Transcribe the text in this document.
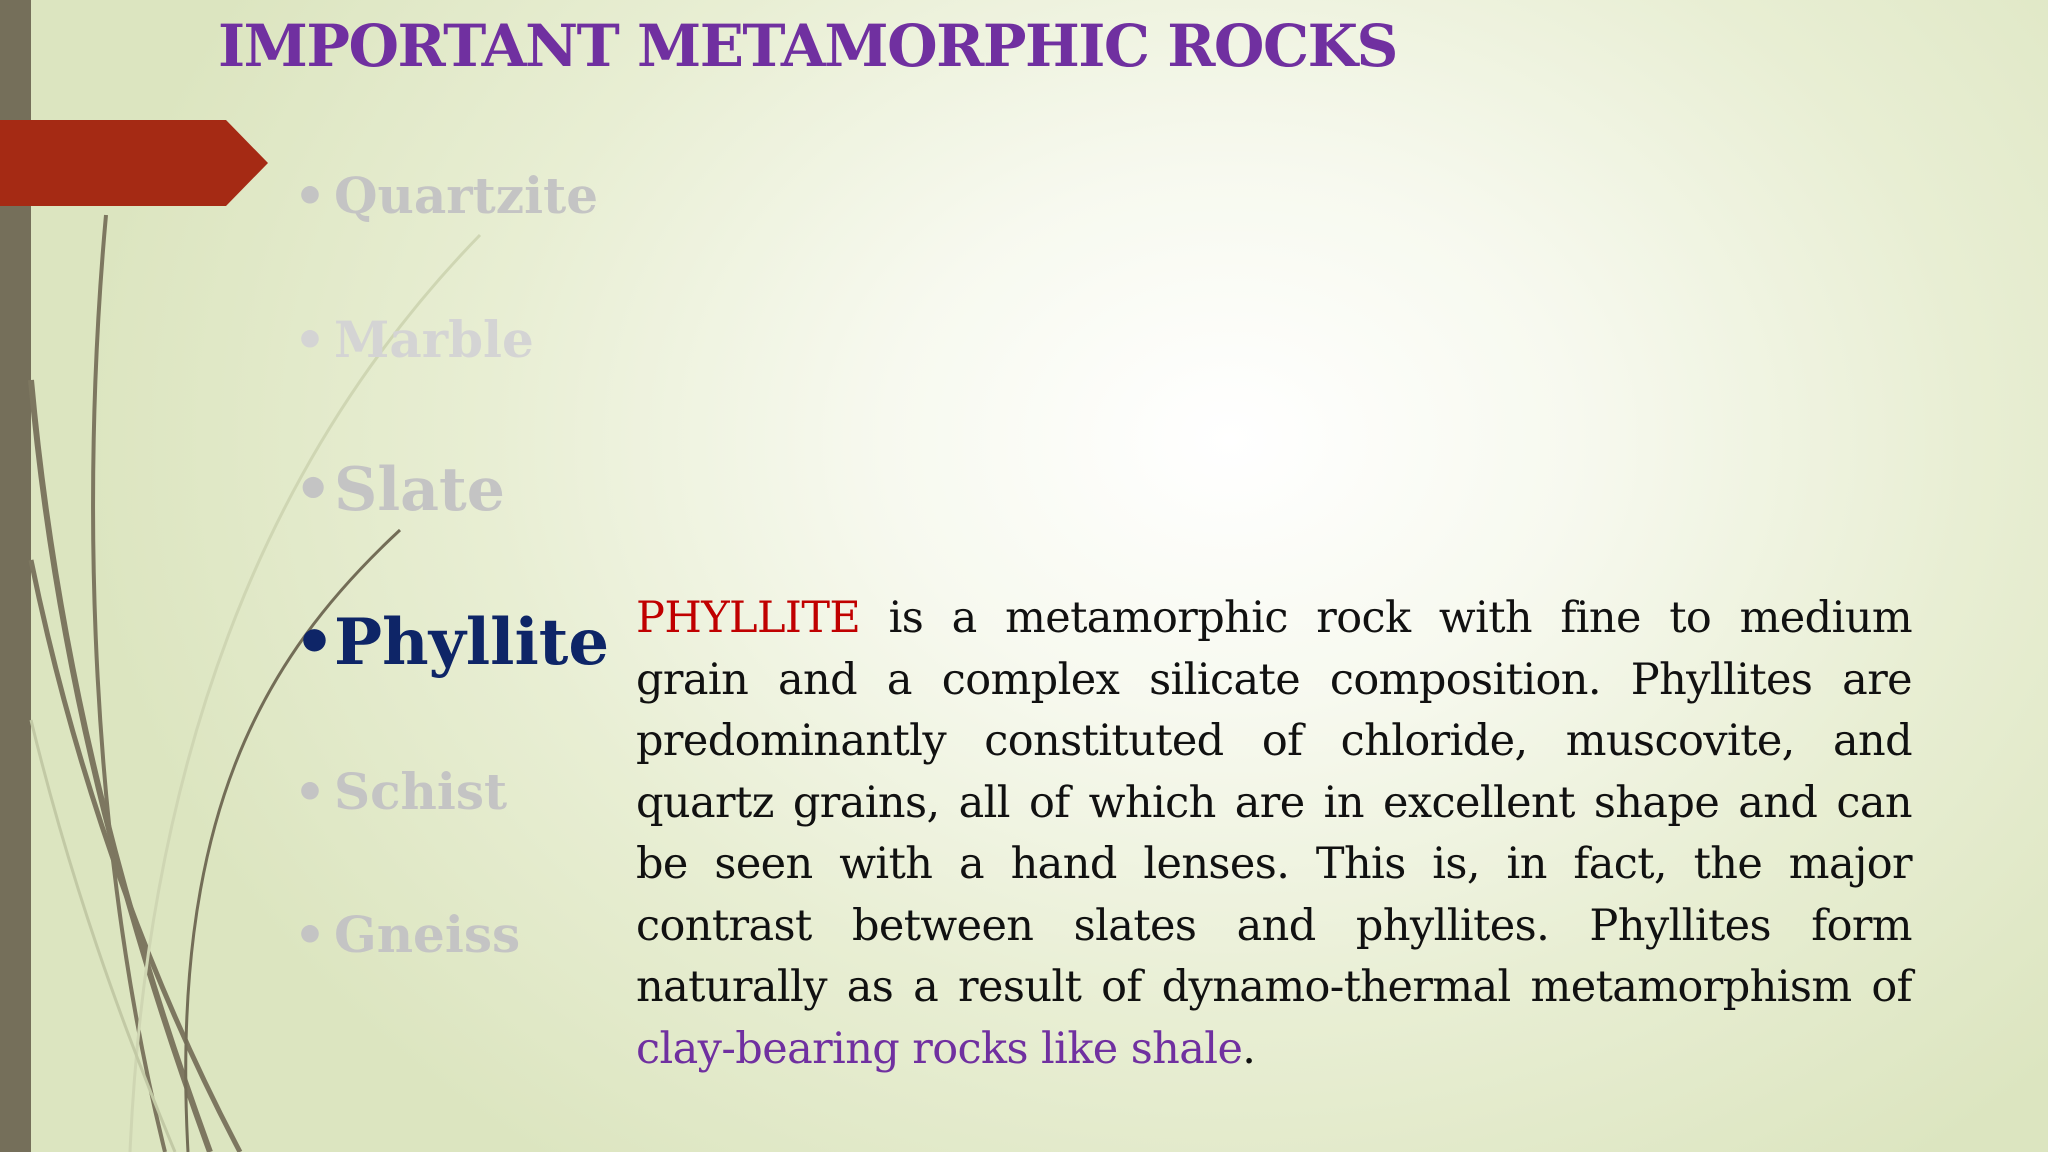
IMPORTANT METAMORPHIC ROCKS
• Quartzite
• Marble
•Slate
•Phyllite
• Schist
• Gneiss

PHYLLITE is a metamorphic rock with fine to medium grain and a complex silicate composition. Phyllites are predominantly constituted of chloride, muscovite, and quartz grains, all of which are in excellent shape and can be seen with a hand lenses. This is, in fact, the major contrast between slates and phyllites. Phyllites form naturally as a result of dynamo-thermal metamorphism of clay-bearing rocks like shale.
